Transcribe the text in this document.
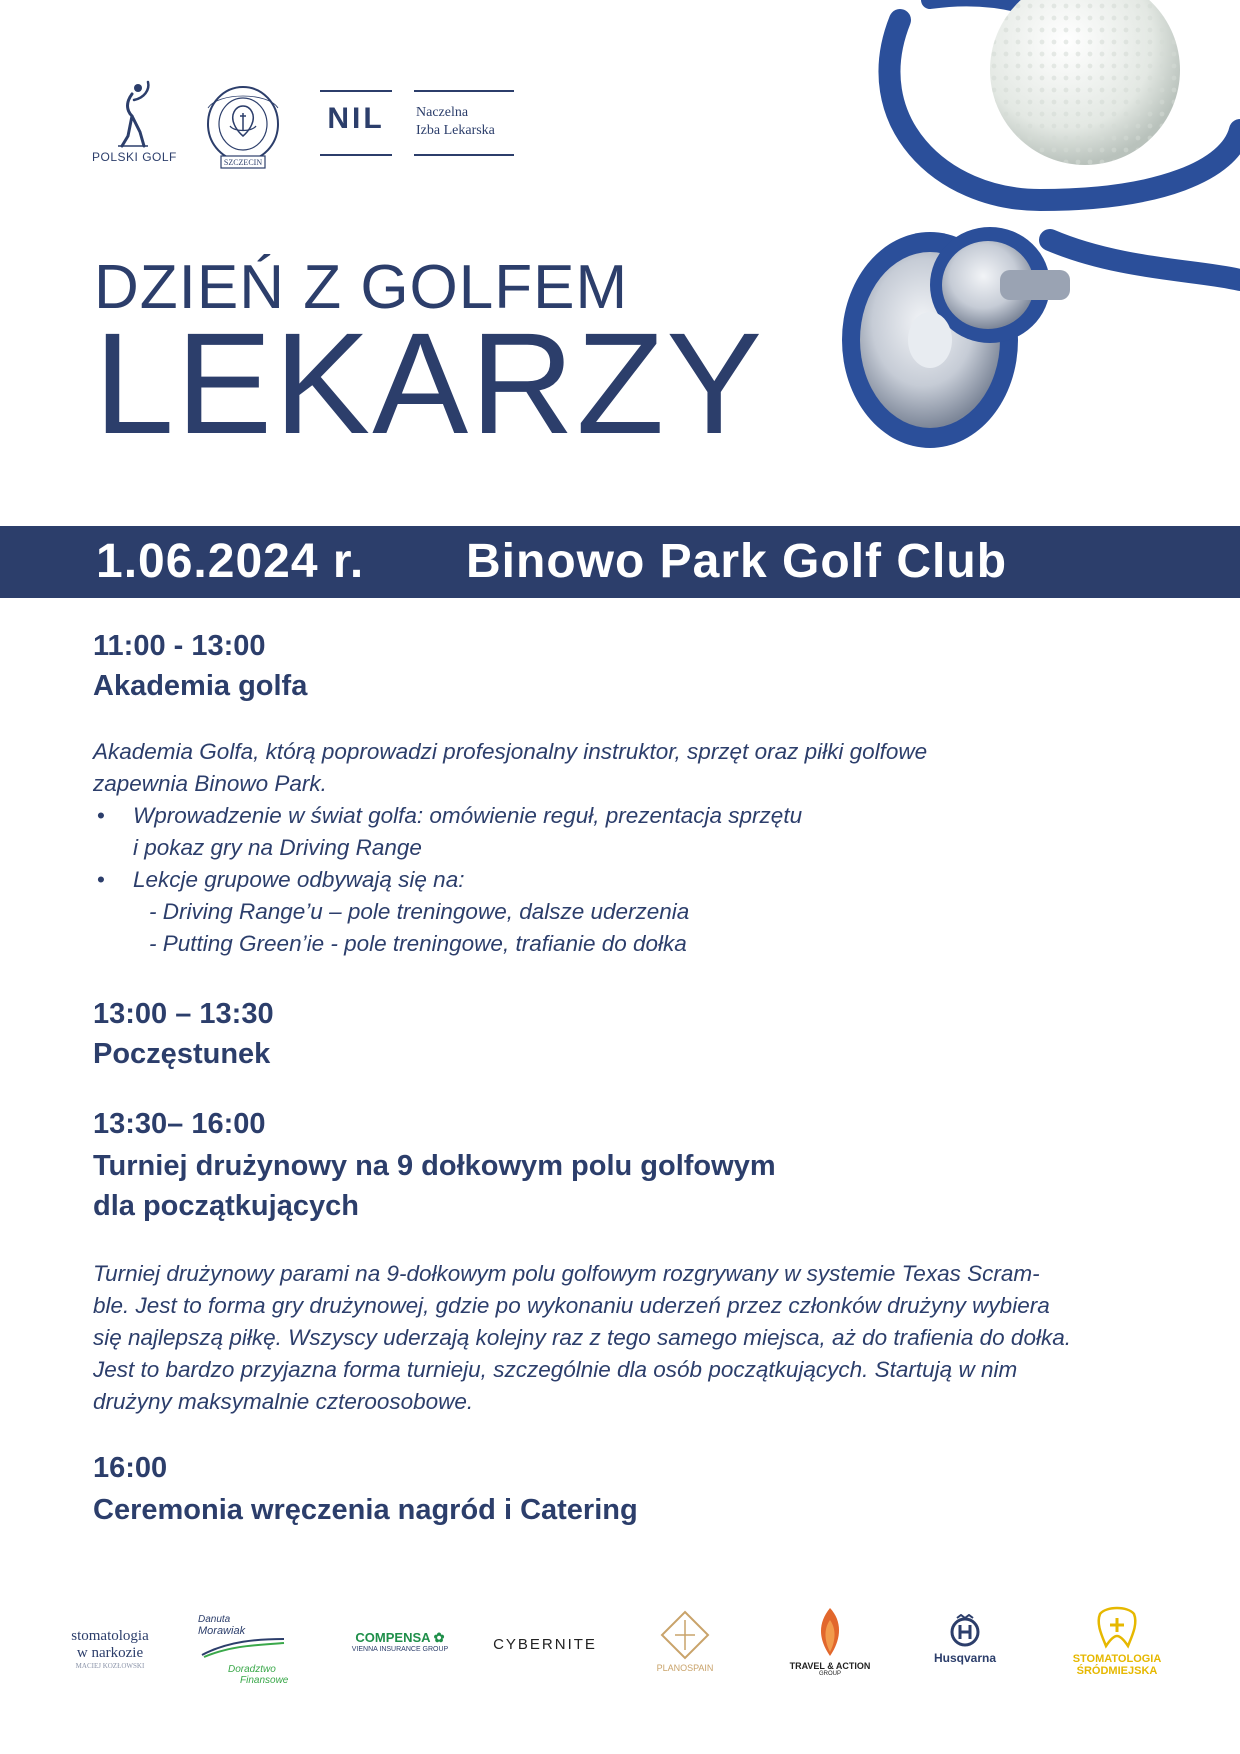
POLSKI GOLF	SZCZECIN
NIL	Naczelna
Izba Lekarska
DZIEŃ Z GOLFEM
LEKARZY
1.06.2024 r. Binowo Park Golf Club
11:00 - 13:00
Akademia golfa
Akademia Golfa, którą poprowadzi profesjonalny instruktor, sprzęt oraz piłki golfowe
zapewnia Binowo Park.
• Wprowadzenie w świat golfa: omówienie reguł, prezentacja sprzętu
i pokaz gry na Driving Range
• Lekcje grupowe odbywają się na:
- Driving Range’u – pole treningowe, dalsze uderzenia
- Putting Green’ie - pole treningowe, trafianie do dołka
13:00 – 13:30
Poczęstunek
13:30– 16:00
Turniej drużynowy na 9 dołkowym polu golfowym
dla początkujących
Turniej drużynowy parami na 9-dołkowym polu golfowym rozgrywany w systemie Texas Scram-
ble. Jest to forma gry drużynowej, gdzie po wykonaniu uderzeń przez członków drużyny wybiera
się najlepszą piłkę. Wszyscy uderzają kolejny raz z tego samego miejsca, aż do trafienia do dołka.
Jest to bardzo przyjazna forma turnieju, szczególnie dla osób początkujących. Startują w nim
drużyny maksymalnie czteroosobowe.
16:00
Ceremonia wręczenia nagród i Catering
stomatologia
w narkozie
MACIEJ KOZŁOWSKI
Danuta
Morawiak
Doradztwo
Finansowe
COMPENSA ✿
VIENNA INSURANCE GROUP	CYBERNITE
PLANOSPAIN	TRAVEL & ACTION
GROUP
Husqvarna	STOMATOLOGIA
ŚRÓDMIEJSKA
